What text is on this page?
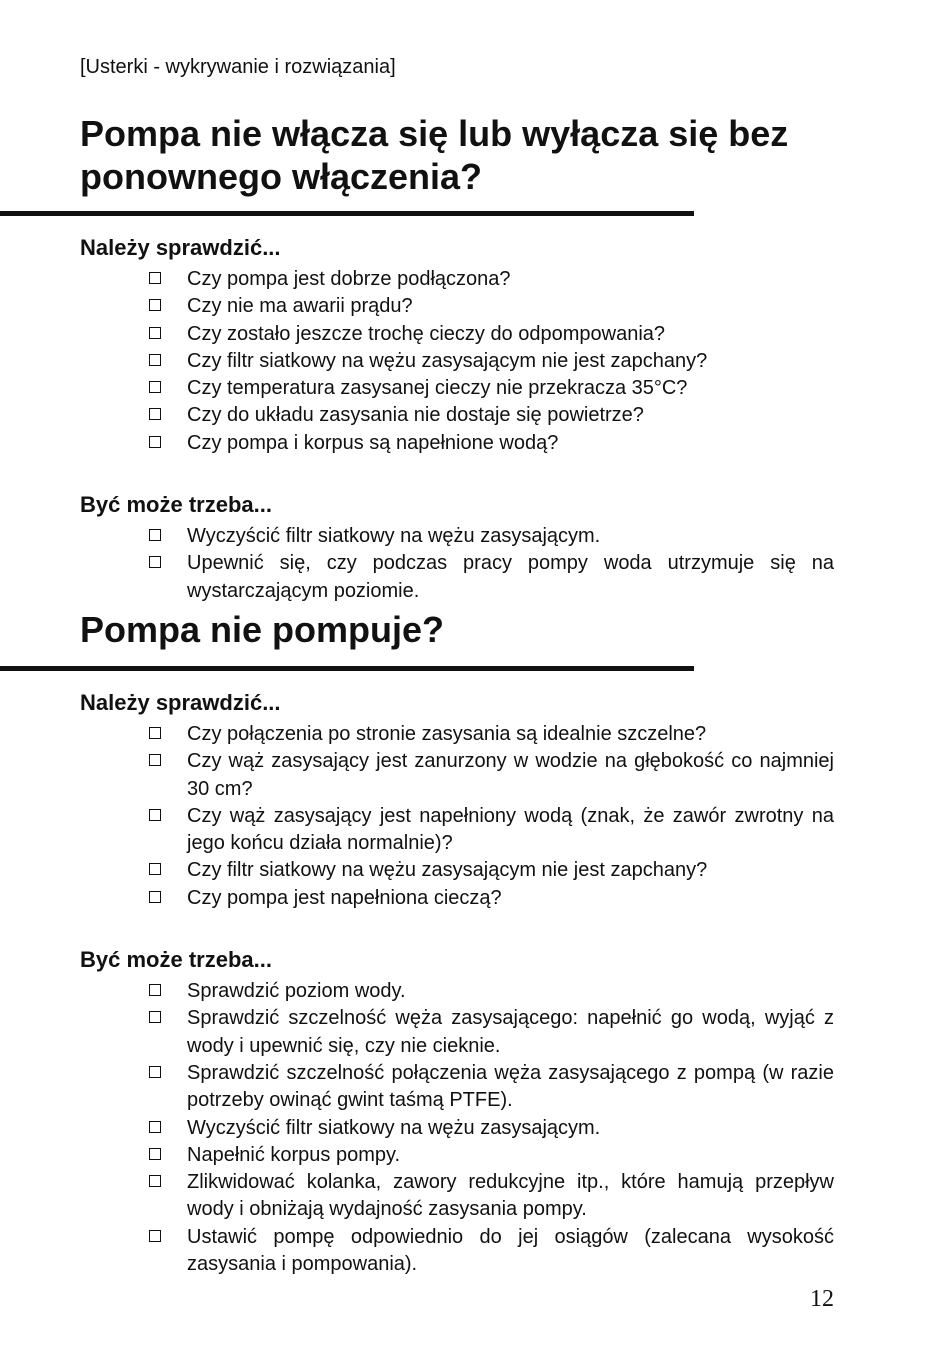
[Usterki - wykrywanie i rozwiązania]
Pompa nie włącza się lub wyłącza się bez ponownego włączenia?
Należy sprawdzić...
Czy pompa jest dobrze podłączona?
Czy nie ma awarii prądu?
Czy zostało jeszcze trochę cieczy do odpompowania?
Czy filtr siatkowy na wężu zasysającym nie jest zapchany?
Czy temperatura zasysanej cieczy nie przekracza 35°C?
Czy do układu zasysania nie dostaje się powietrze?
Czy pompa i korpus są napełnione wodą?
Być może trzeba...
Wyczyścić filtr siatkowy na wężu zasysającym.
Upewnić się, czy podczas pracy pompy woda utrzymuje się na wystarczającym poziomie.
Pompa nie pompuje?
Należy sprawdzić...
Czy połączenia po stronie zasysania są idealnie szczelne?
Czy wąż zasysający jest zanurzony w wodzie na głębokość co najmniej 30 cm?
Czy wąż zasysający jest napełniony wodą (znak, że zawór zwrotny na jego końcu działa normalnie)?
Czy filtr siatkowy na wężu zasysającym nie jest zapchany?
Czy pompa jest napełniona cieczą?
Być może trzeba...
Sprawdzić poziom wody.
Sprawdzić szczelność węża zasysającego: napełnić go wodą, wyjąć z wody i upewnić się, czy nie cieknie.
Sprawdzić szczelność połączenia węża zasysającego z pompą (w razie potrzeby owinąć gwint taśmą PTFE).
Wyczyścić filtr siatkowy na wężu zasysającym.
Napełnić korpus pompy.
Zlikwidować kolanka, zawory redukcyjne itp., które hamują przepływ wody i obniżają wydajność zasysania pompy.
Ustawić pompę odpowiednio do jej osiągów (zalecana wysokość zasysania i pompowania).
12
